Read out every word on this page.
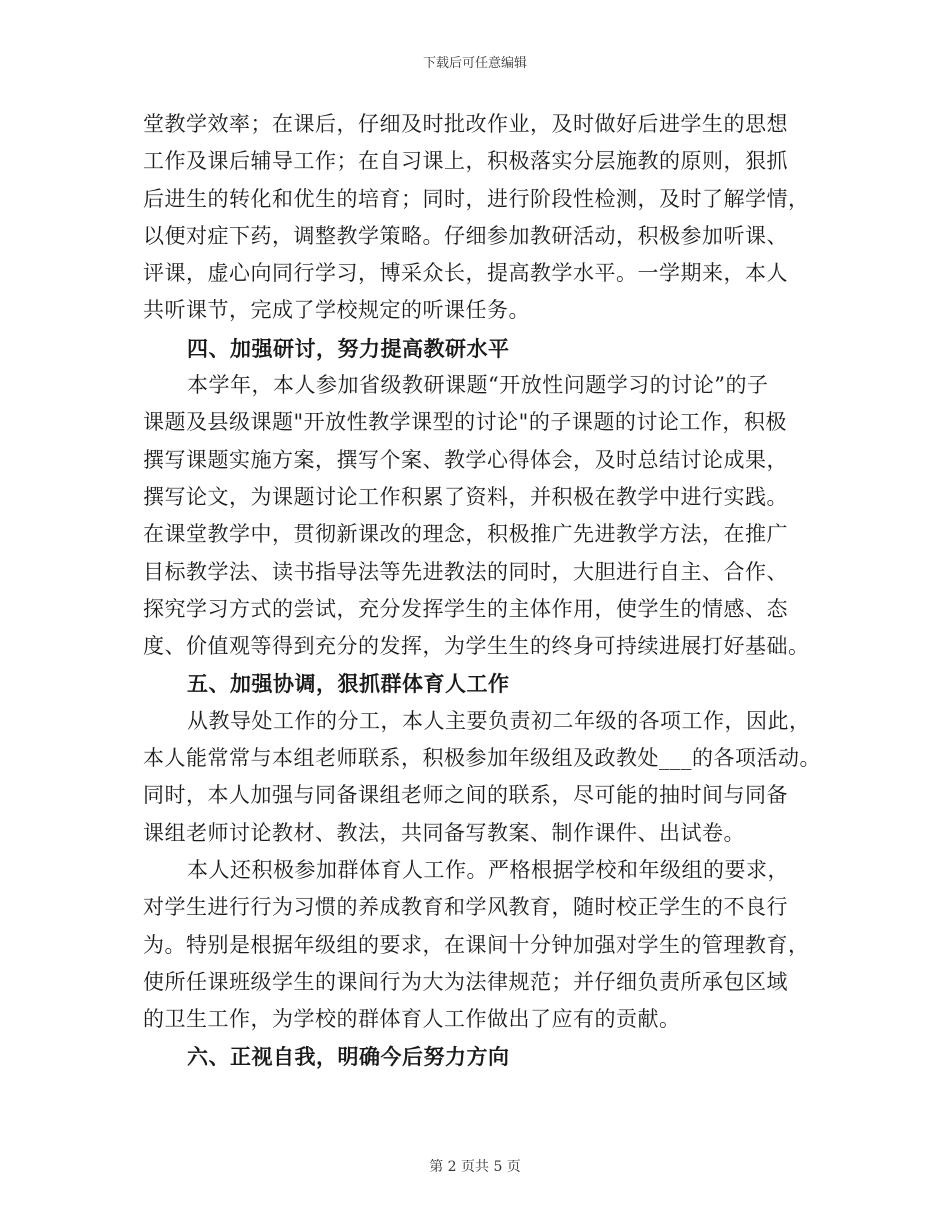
下载后可任意编辑
堂教学效率；在课后，仔细及时批改作业，及时做好后进学生的思想
工作及课后辅导工作；在自习课上，积极落实分层施教的原则，狠抓
后进生的转化和优生的培育；同时，进行阶段性检测，及时了解学情，
以便对症下药，调整教学策略。仔细参加教研活动，积极参加听课、
评课，虚心向同行学习，博采众长，提高教学水平。一学期来，本人
共听课节，完成了学校规定的听课任务。
四、加强研讨，努力提高教研水平
本学年，本人参加省级教研课题“开放性问题学习的讨论”的子
课题及县级课题"开放性教学课型的讨论"的子课题的讨论工作，积极
撰写课题实施方案，撰写个案、教学心得体会，及时总结讨论成果，
撰写论文，为课题讨论工作积累了资料，并积极在教学中进行实践。
在课堂教学中，贯彻新课改的理念，积极推广先进教学方法，在推广
目标教学法、读书指导法等先进教法的同时，大胆进行自主、合作、
探究学习方式的尝试，充分发挥学生的主体作用，使学生的情感、态
度、价值观等得到充分的发挥，为学生生的终身可持续进展打好基础。
五、加强协调，狠抓群体育人工作
从教导处工作的分工，本人主要负责初二年级的各项工作，因此，
本人能常常与本组老师联系，积极参加年级组及政教处___的各项活动。
同时，本人加强与同备课组老师之间的联系，尽可能的抽时间与同备
课组老师讨论教材、教法，共同备写教案、制作课件、出试卷。
本人还积极参加群体育人工作。严格根据学校和年级组的要求，
对学生进行行为习惯的养成教育和学风教育，随时校正学生的不良行
为。特别是根据年级组的要求，在课间十分钟加强对学生的管理教育，
使所任课班级学生的课间行为大为法律规范；并仔细负责所承包区域
的卫生工作，为学校的群体育人工作做出了应有的贡献。
六、正视自我，明确今后努力方向
第 2 页共 5 页
